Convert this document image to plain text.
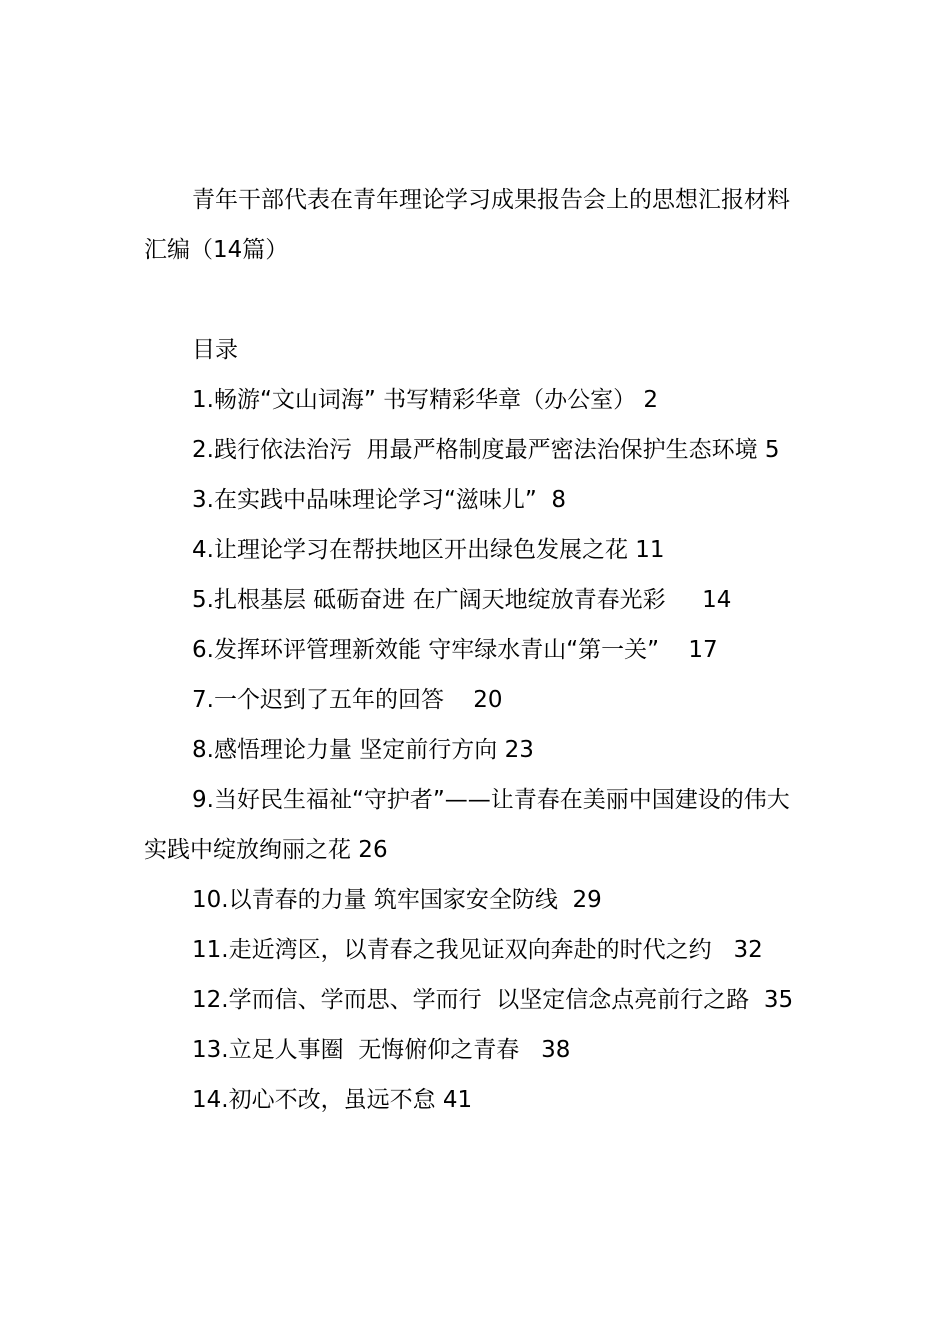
青年干部代表在青年理论学习成果报告会上的思想汇报材料汇编（14篇）
目录
1.畅游“文山词海” 书写精彩华章（办公室） 2
2.践行依法治污  用最严格制度最严密法治保护生态环境 5
3.在实践中品味理论学习“滋味儿”  8
4.让理论学习在帮扶地区开出绿色发展之花 11
5.扎根基层 砥砺奋进 在广阔天地绽放青春光彩     14
6.发挥环评管理新效能 守牢绿水青山“第一关”    17
7.一个迟到了五年的回答    20
8.感悟理论力量 坚定前行方向 23
9.当好民生福祉“守护者”——让青春在美丽中国建设的伟大实践中绽放绚丽之花 26
10.以青春的力量 筑牢国家安全防线  29
11.走近湾区，以青春之我见证双向奔赴的时代之约   32
12.学而信、学而思、学而行  以坚定信念点亮前行之路  35
13.立足人事圈  无悔俯仰之青春   38
14.初心不改，虽远不怠 41
